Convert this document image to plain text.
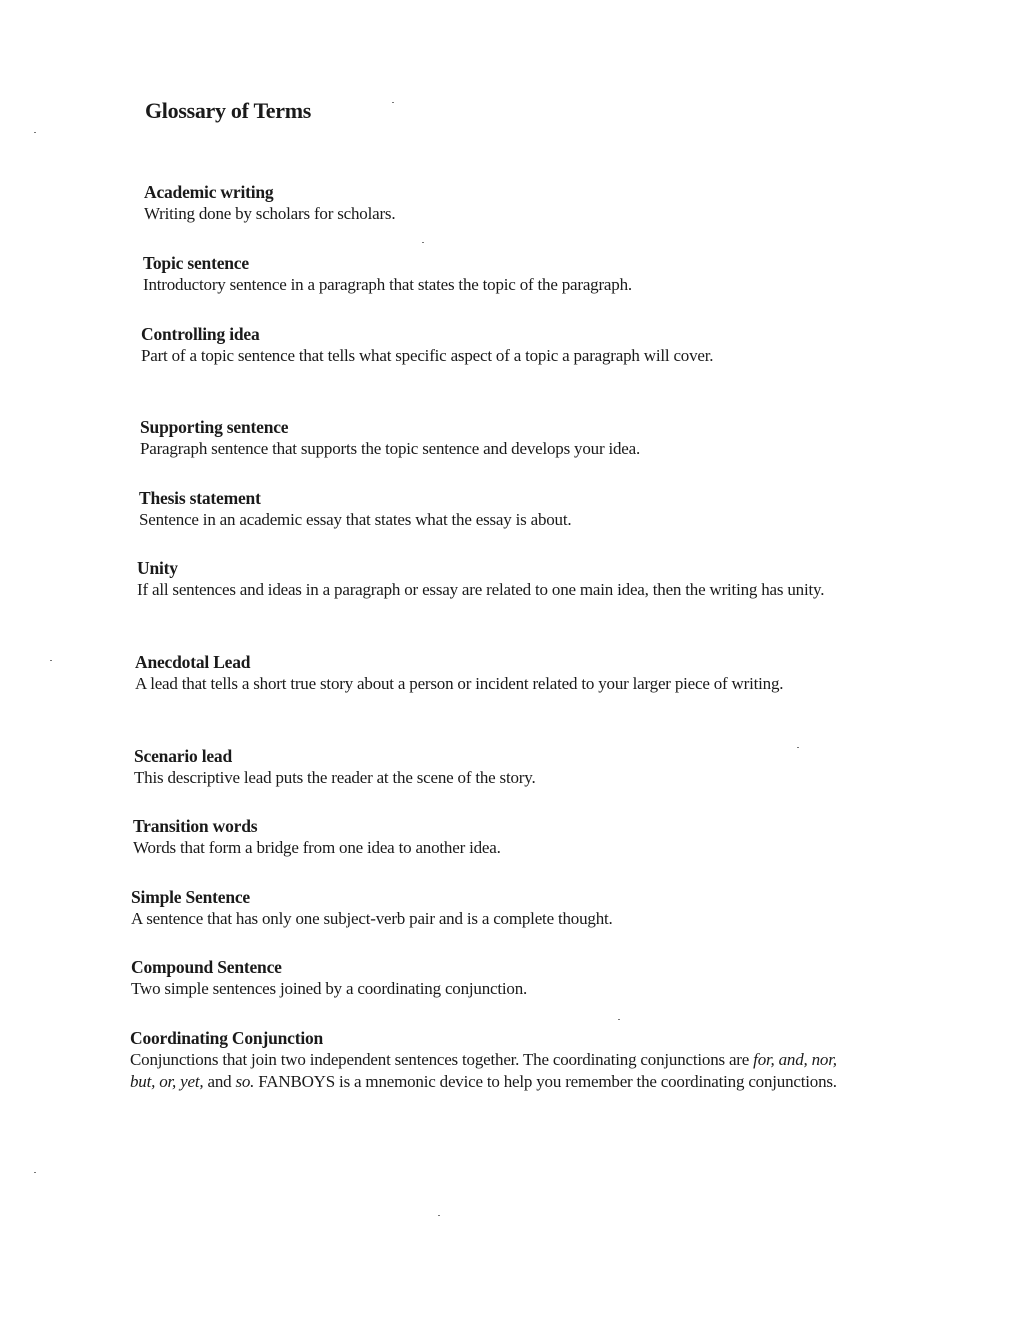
Glossary of Terms
Academic writing
Writing done by scholars for scholars.
Topic sentence
Introductory sentence in a paragraph that states the topic of the paragraph.
Controlling idea
Part of a topic sentence that tells what specific aspect of a topic a paragraph will cover.
Supporting sentence
Paragraph sentence that supports the topic sentence and develops your idea.
Thesis statement
Sentence in an academic essay that states what the essay is about.
Unity
If all sentences and ideas in a paragraph or essay are related to one main idea, then the writing has unity.
Anecdotal Lead
A lead that tells a short true story about a person or incident related to your larger piece of writing.
Scenario lead
This descriptive lead puts the reader at the scene of the story.
Transition words
Words that form a bridge from one idea to another idea.
Simple Sentence
A sentence that has only one subject-verb pair and is a complete thought.
Compound Sentence
Two simple sentences joined by a coordinating conjunction.
Coordinating Conjunction
Conjunctions that join two independent sentences together. The coordinating conjunctions are for, and, nor, but, or, yet, and so. FANBOYS is a mnemonic device to help you remember the coordinating conjunctions.
